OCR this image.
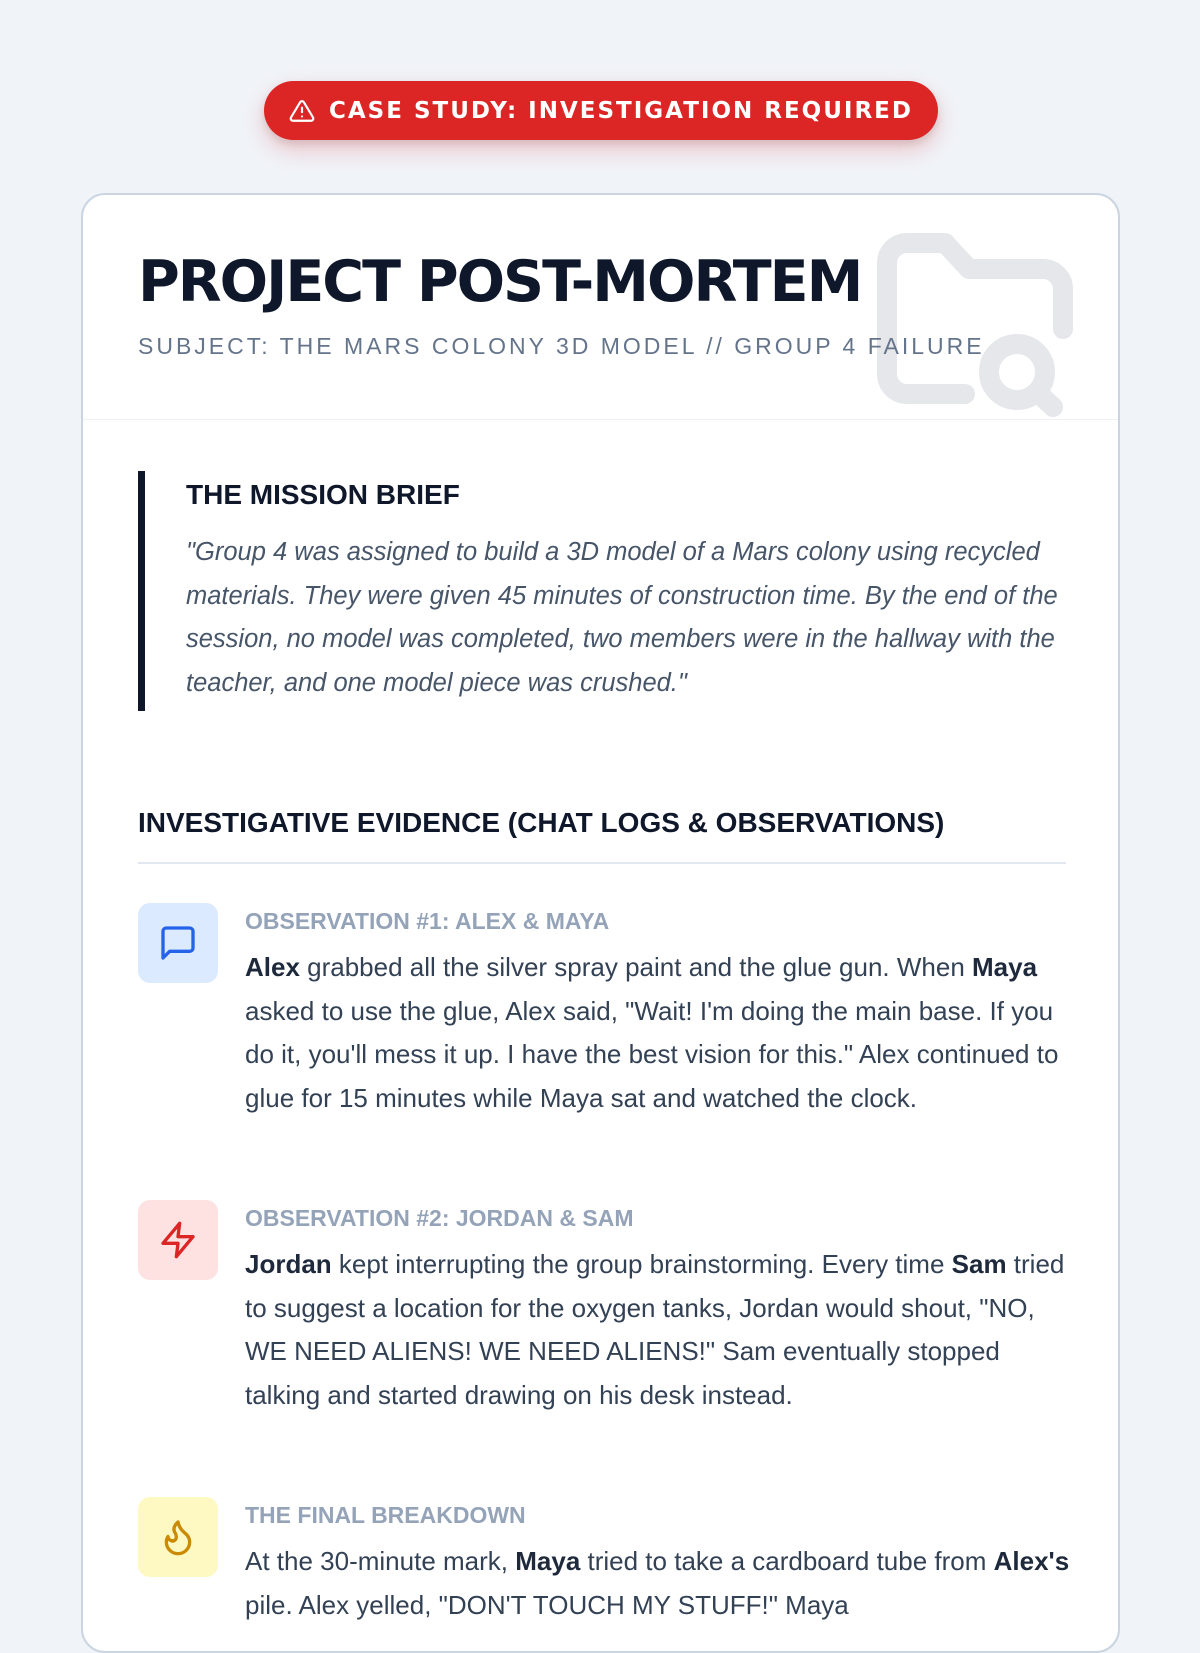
CASE STUDY: INVESTIGATION REQUIRED
PROJECT POST-MORTEM
SUBJECT: THE MARS COLONY 3D MODEL // GROUP 4 FAILURE
THE MISSION BRIEF
"Group 4 was assigned to build a 3D model of a Mars colony using recycled materials. They were given 45 minutes of construction time. By the end of the session, no model was completed, two members were in the hallway with the teacher, and one model piece was crushed."
INVESTIGATIVE EVIDENCE (CHAT LOGS & OBSERVATIONS)
OBSERVATION #1: ALEX & MAYA
Alex grabbed all the silver spray paint and the glue gun. When Maya asked to use the glue, Alex said, "Wait! I'm doing the main base. If you do it, you'll mess it up. I have the best vision for this." Alex continued to glue for 15 minutes while Maya sat and watched the clock.
OBSERVATION #2: JORDAN & SAM
Jordan kept interrupting the group brainstorming. Every time Sam tried to suggest a location for the oxygen tanks, Jordan would shout, "NO, WE NEED ALIENS! WE NEED ALIENS!" Sam eventually stopped talking and started drawing on his desk instead.
THE FINAL BREAKDOWN
At the 30-minute mark, Maya tried to take a cardboard tube from Alex's pile. Alex yelled, "DON'T TOUCH MY STUFF!" Maya
